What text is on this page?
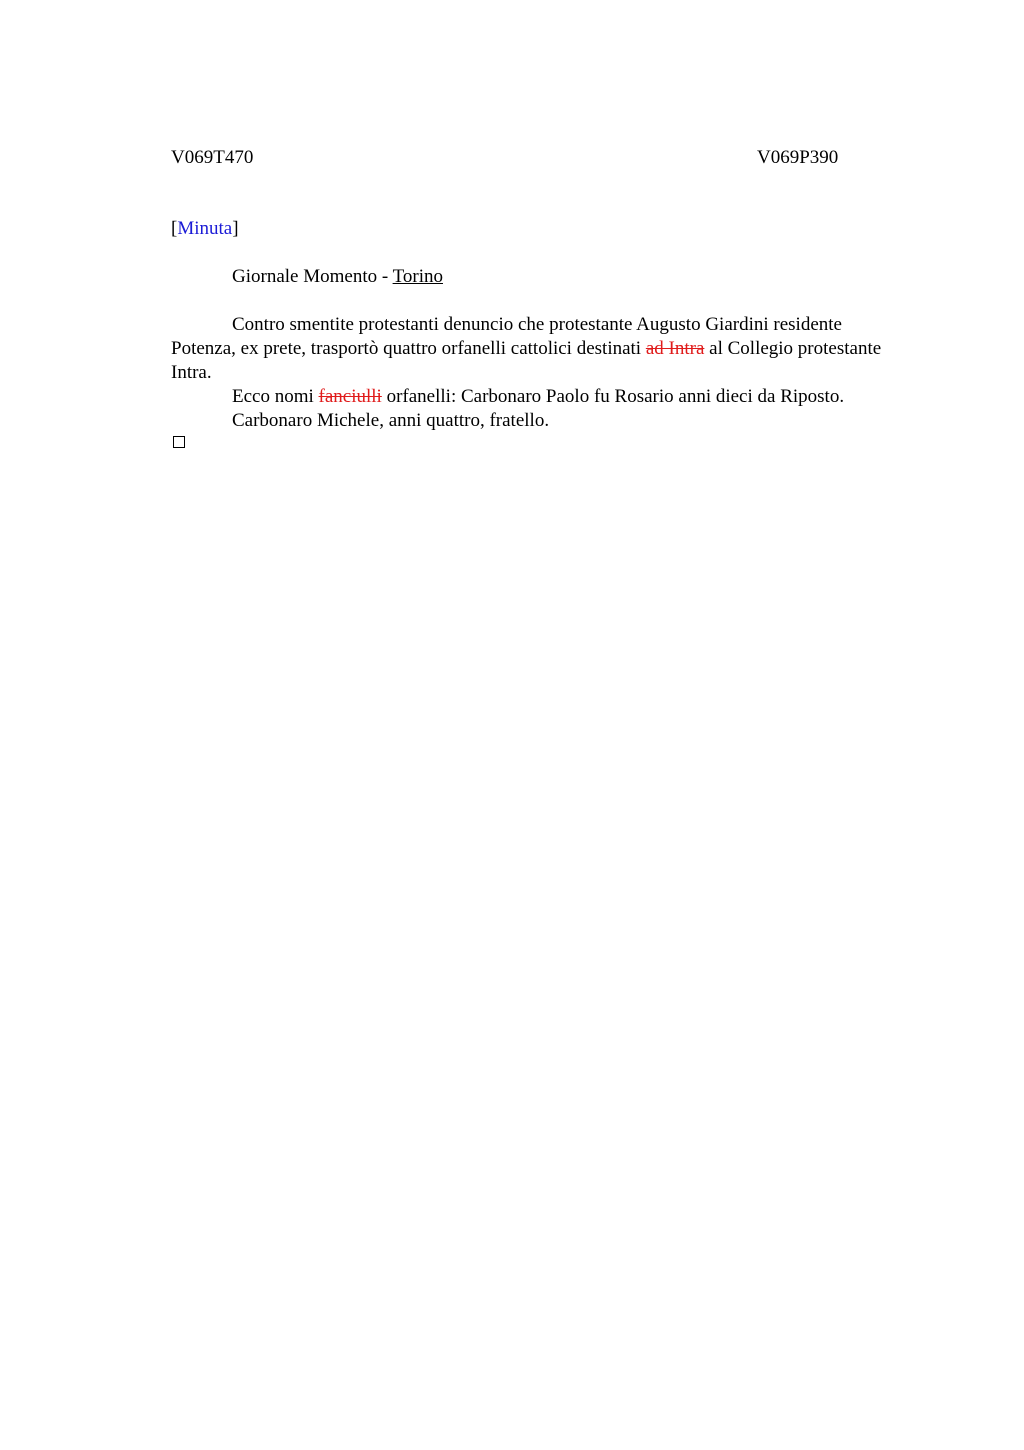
V069T470	V069P390
[Minuta]
Giornale Momento - Torino

Contro smentite protestanti denuncio che protestante Augusto Giardini residente Potenza, ex prete, trasportò quattro orfanelli cattolici destinati ad Intra al Collegio protestante Intra.

Ecco nomi fanciulli orfanelli: Carbonaro Paolo fu Rosario anni dieci da Riposto.

Carbonaro Michele, anni quattro, fratello.
